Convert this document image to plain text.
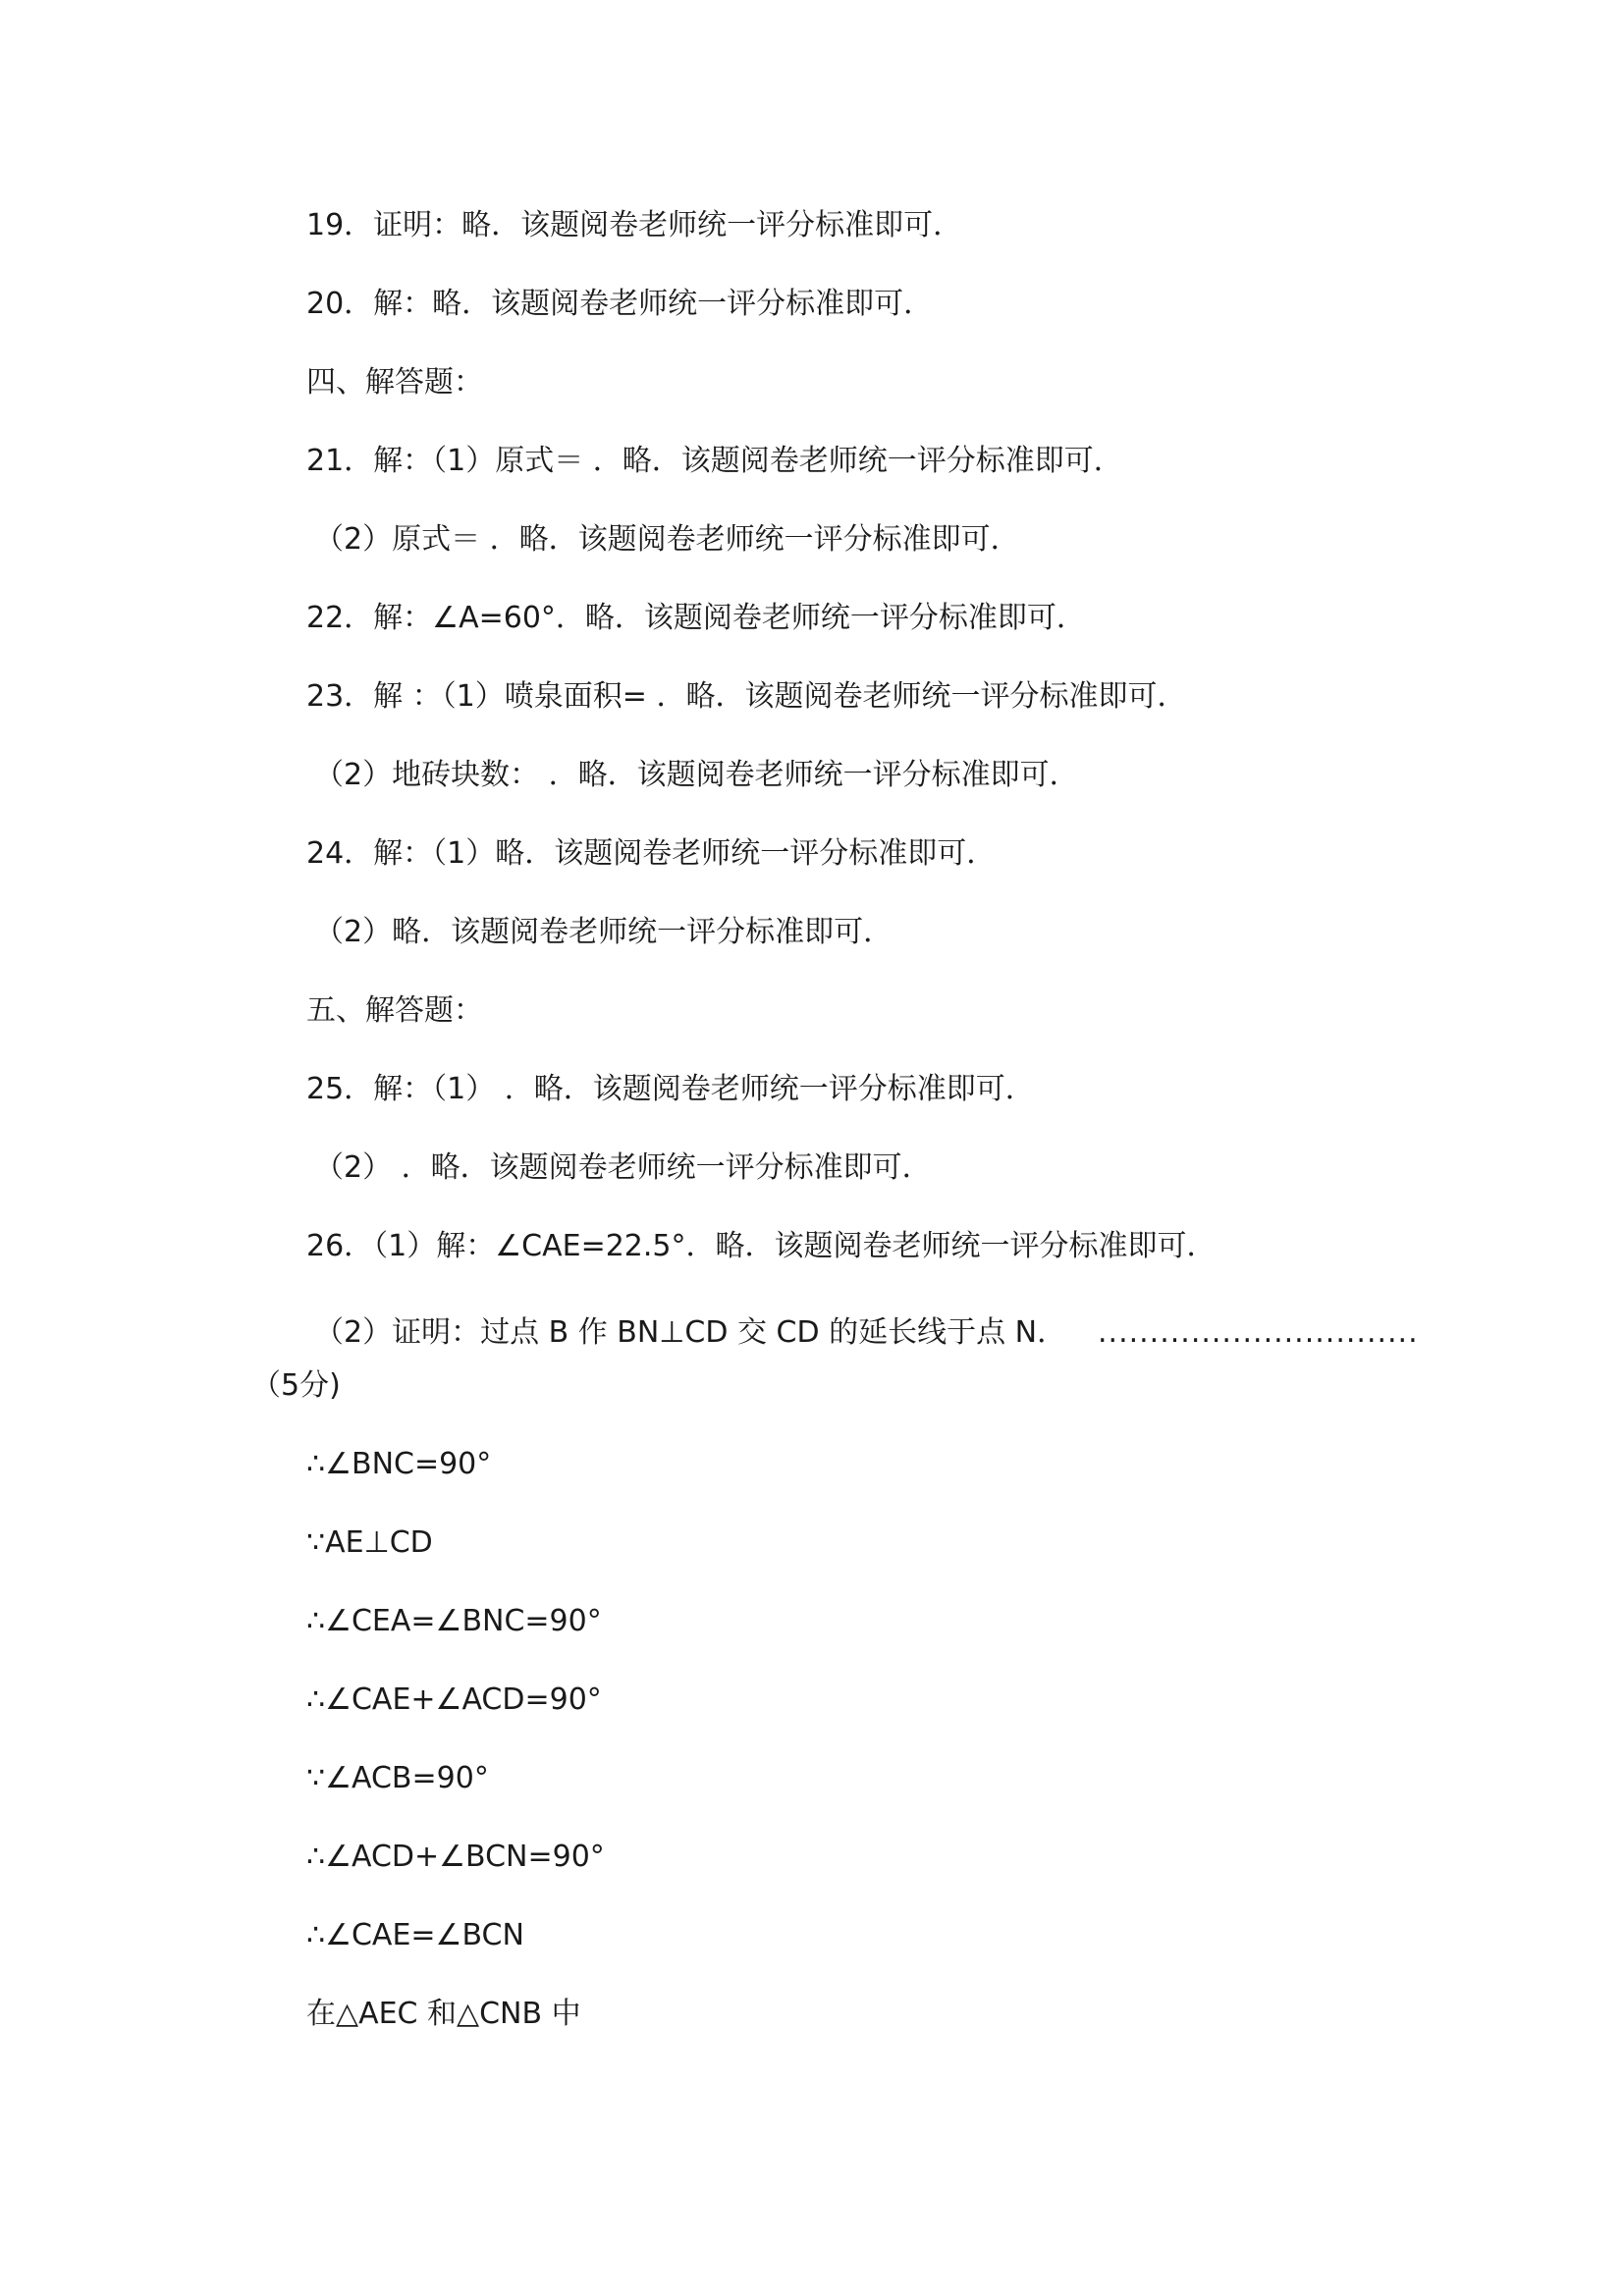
19．证明：略．该题阅卷老师统一评分标准即可．
20．解：略．该题阅卷老师统一评分标准即可．
四、解答题：
21．解：（1）原式＝ ．略．该题阅卷老师统一评分标准即可．
（2）原式＝ ．略．该题阅卷老师统一评分标准即可．
22．解：∠A=60°．略．该题阅卷老师统一评分标准即可．
23．解 ：（1）喷泉面积= ．略．该题阅卷老师统一评分标准即可．
（2）地砖块数： ．略．该题阅卷老师统一评分标准即可．
24．解：（1）略．该题阅卷老师统一评分标准即可．
（2）略．该题阅卷老师统一评分标准即可．
五、解答题：
25．解：（1） ．略．该题阅卷老师统一评分标准即可．
（2） ．略．该题阅卷老师统一评分标准即可．
26．（1）解：∠CAE=22.5°．略．该题阅卷老师统一评分标准即可．
（2）证明：过点 B 作 BN⊥CD 交 CD 的延长线于点 N． ...............................
（5分)
∴∠BNC=90°
∵AE⊥CD
∴∠CEA=∠BNC=90°
∴∠CAE+∠ACD=90°
∵∠ACB=90°
∴∠ACD+∠BCN=90°
∴∠CAE=∠BCN
在△AEC 和△CNB 中
